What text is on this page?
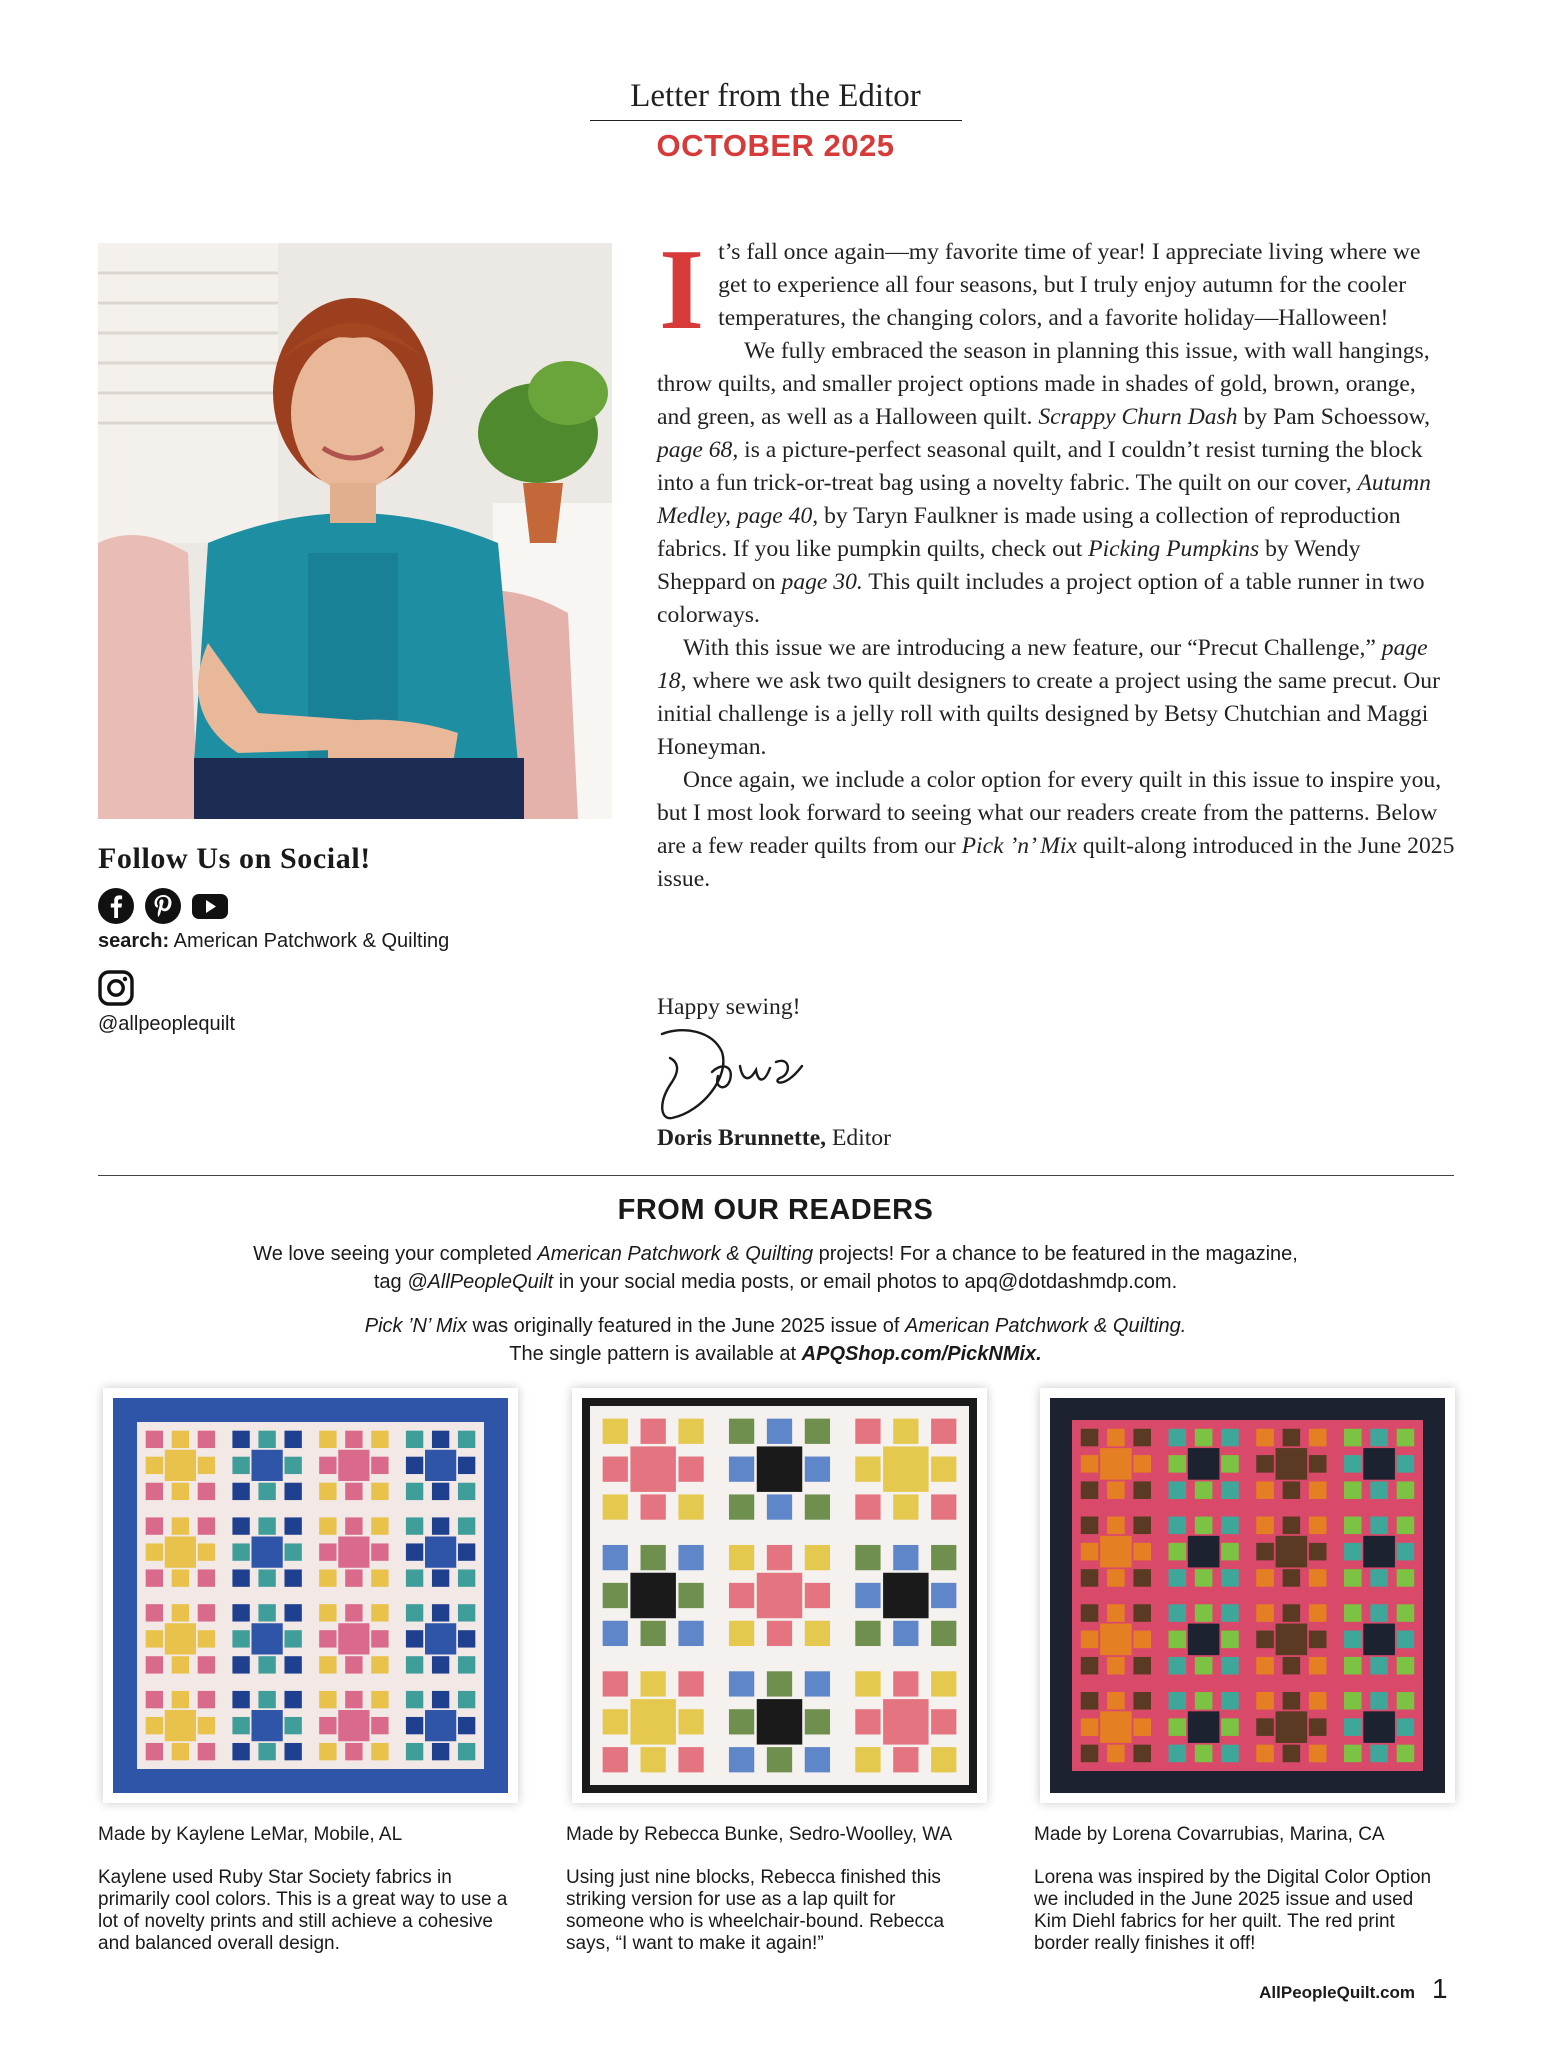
Letter from the Editor
OCTOBER 2025
Follow Us on Social!
search: American Patchwork & Quilting
@allpeoplequilt

It’s fall once again—my favorite time of year! I appreciate living where we get to experience all four seasons, but I truly enjoy autumn for the cooler temperatures, the changing colors, and a favorite holiday—Halloween!

We fully embraced the season in planning this issue, with wall hangings, throw quilts, and smaller project options made in shades of gold, brown, orange, and green, as well as a Halloween quilt. Scrappy Churn Dash by Pam Schoessow, page 68, is a picture-perfect seasonal quilt, and I couldn’t resist turning the block into a fun trick-or-treat bag using a novelty fabric. The quilt on our cover, Autumn Medley, page 40, by Taryn Faulkner is made using a collection of reproduction fabrics. If you like pumpkin quilts, check out Picking Pumpkins by Wendy Sheppard on page 30. This quilt includes a project option of a table runner in two colorways.

With this issue we are introducing a new feature, our “Precut Challenge,” page 18, where we ask two quilt designers to create a project using the same precut. Our initial challenge is a jelly roll with quilts designed by Betsy Chutchian and Maggi Honeyman.

Once again, we include a color option for every quilt in this issue to inspire you, but I most look forward to seeing what our readers create from the patterns. Below are a few reader quilts from our Pick ’n’ Mix quilt-along introduced in the June 2025 issue.

Happy sewing!
Doris Brunnette, Editor
FROM OUR READERS
We love seeing your completed American Patchwork & Quilting projects! For a chance to be featured in the magazine,
tag @AllPeopleQuilt in your social media posts, or email photos to apq@dotdashmdp.com.
Pick ’N’ Mix was originally featured in the June 2025 issue of American Patchwork & Quilting.
The single pattern is available at APQShop.com/PickNMix.
Made by Kaylene LeMar, Mobile, AL
Kaylene used Ruby Star Society fabrics in primarily cool colors. This is a great way to use a lot of novelty prints and still achieve a cohesive and balanced overall design.
Made by Rebecca Bunke, Sedro-Woolley, WA
Using just nine blocks, Rebecca finished this striking version for use as a lap quilt for someone who is wheelchair-bound. Rebecca says, “I want to make it again!”
Made by Lorena Covarrubias, Marina, CA
Lorena was inspired by the Digital Color Option we included in the June 2025 issue and used Kim Diehl fabrics for her quilt. The red print border really finishes it off!
AllPeopleQuilt.com 1
